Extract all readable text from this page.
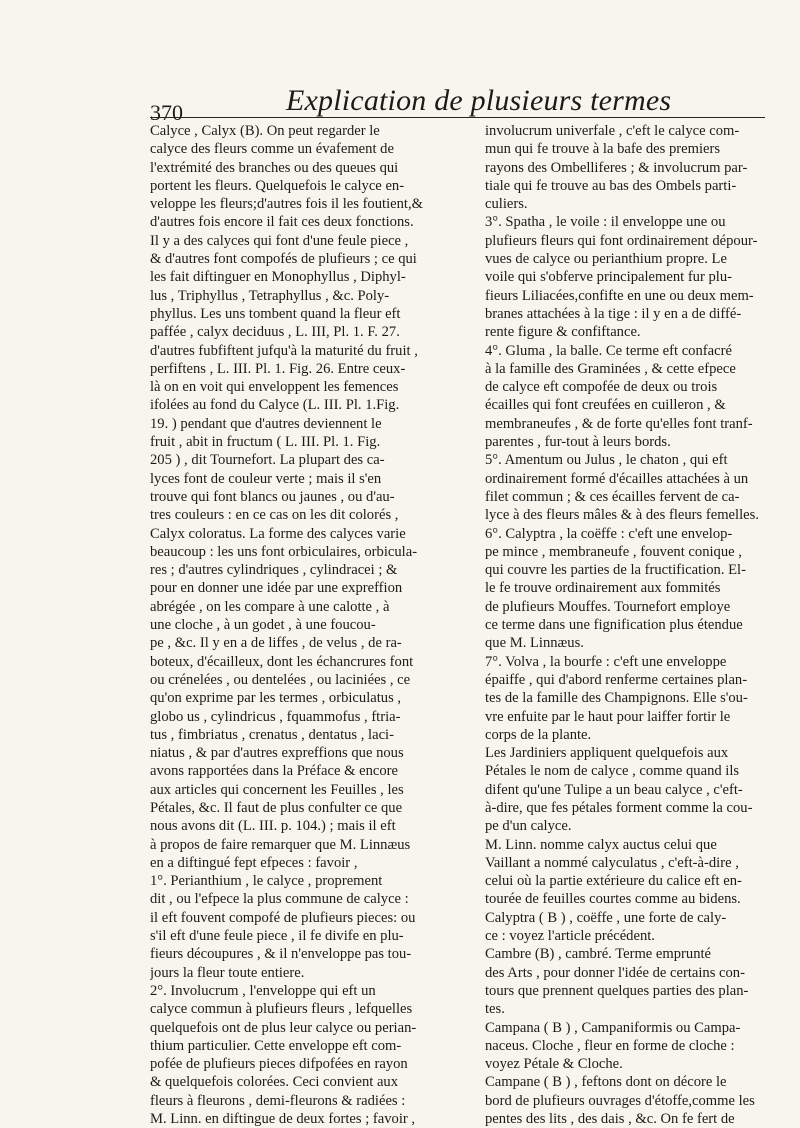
370	Explication de plusieurs termes
Calyce , Calyx (B). On peut regarder le
calyce des fleurs comme un évafement de
l'extrémité des branches ou des queues qui
portent les fleurs. Quelquefois le calyce en-
veloppe les fleurs;d'autres fois il les foutient,&
d'autres fois encore il fait ces deux fonctions.
Il y a des calyces qui font d'une feule piece ,
& d'autres font compofés de plufieurs ; ce qui
les fait diftinguer en Monophyllus , Diphyl-
lus , Triphyllus , Tetraphyllus , &c. Poly-
phyllus. Les uns tombent quand la fleur eft
paffée , calyx deciduus , L. III, Pl. 1. F. 27.
d'autres fubfiftent jufqu'à la maturité du fruit ,
perfiftens , L. III. Pl. 1. Fig. 26. Entre ceux-
là on en voit qui enveloppent les femences
ifolées au fond du Calyce (L. III. Pl. 1.Fig.
19. ) pendant que d'autres deviennent le
fruit , abit in fructum ( L. III. Pl. 1. Fig.
205 ) , dit Tournefort. La plupart des ca-
lyces font de couleur verte ; mais il s'en
trouve qui font blancs ou jaunes , ou d'au-
tres couleurs : en ce cas on les dit colorés ,
Calyx coloratus. La forme des calyces varie
beaucoup : les uns font orbiculaires, orbicula-
res ; d'autres cylindriques , cylindracei ; &
pour en donner une idée par une expreffion
abrégée , on les compare à une calotte , à
une cloche , à un godet , à une foucou-
pe , &c. Il y en a de liffes , de velus , de ra-
boteux, d'écailleux, dont les échancrures font
ou crénelées , ou dentelées , ou laciniées , ce
qu'on exprime par les termes , orbiculatus ,
globo us , cylindricus , fquammofus , ftria-
tus , fimbriatus , crenatus , dentatus , laci-
niatus , & par d'autres expreffions que nous
avons rapportées dans la Préface & encore
aux articles qui concernent les Feuilles , les
Pétales, &c. Il faut de plus confulter ce que
nous avons dit (L. III. p. 104.) ; mais il eft
à propos de faire remarquer que M. Linnæus
en a diftingué fept efpeces : favoir ,
1°. Perianthium , le calyce , proprement
dit , ou l'efpece la plus commune de calyce :
il eft fouvent compofé de plufieurs pieces: ou
s'il eft d'une feule piece , il fe divife en plu-
fieurs découpures , & il n'enveloppe pas tou-
jours la fleur toute entiere.
2°. Involucrum , l'enveloppe qui eft un
calyce commun à plufieurs fleurs , lefquelles
quelquefois ont de plus leur calyce ou perian-
thium particulier. Cette enveloppe eft com-
pofée de plufieurs pieces difpofées en rayon
& quelquefois colorées. Ceci convient aux
fleurs à fleurons , demi-fleurons & radiées :
M. Linn. en diftingue de deux fortes ; favoir ,
involucrum univerfale , c'eft le calyce com-
mun qui fe trouve à la bafe des premiers
rayons des Ombelliferes ; & involucrum par-
tiale qui fe trouve au bas des Ombels parti-
culiers.
3°. Spatha , le voile : il enveloppe une ou
plufieurs fleurs qui font ordinairement dépour-
vues de calyce ou perianthium propre. Le
voile qui s'obferve principalement fur plu-
fieurs Liliacées,confifte en une ou deux mem-
branes attachées à la tige : il y en a de diffé-
rente figure & confiftance.
4°. Gluma , la balle. Ce terme eft confacré
à la famille des Graminées , & cette efpece
de calyce eft compofée de deux ou trois
écailles qui font creufées en cuilleron , &
membraneufes , & de forte qu'elles font tranf-
parentes , fur-tout à leurs bords.
5°. Amentum ou Julus , le chaton , qui eft
ordinairement formé d'écailles attachées à un
filet commun ; & ces écailles fervent de ca-
lyce à des fleurs mâles & à des fleurs femelles.
6°. Calyptra , la coëffe : c'eft une envelop-
pe mince , membraneufe , fouvent conique ,
qui couvre les parties de la fructification. El-
le fe trouve ordinairement aux fommités
de plufieurs Mouffes. Tournefort employe
ce terme dans une fignification plus étendue
que M. Linnæus.
7°. Volva , la bourfe : c'eft une enveloppe
épaiffe , qui d'abord renferme certaines plan-
tes de la famille des Champignons. Elle s'ou-
vre enfuite par le haut pour laiffer fortir le
corps de la plante.
Les Jardiniers appliquent quelquefois aux
Pétales le nom de calyce , comme quand ils
difent qu'une Tulipe a un beau calyce , c'eft-
à-dire, que fes pétales forment comme la cou-
pe d'un calyce.
M. Linn. nomme calyx auctus celui que
Vaillant a nommé calyculatus , c'eft-à-dire ,
celui où la partie extérieure du calice eft en-
tourée de feuilles courtes comme au bidens.
Calyptra ( B ) , coëffe , une forte de caly-
ce : voyez l'article précédent.
Cambre (B) , cambré. Terme emprunté
des Arts , pour donner l'idée de certains con-
tours que prennent quelques parties des plan-
tes.
Campana ( B ) , Campaniformis ou Campa-
naceus. Cloche , fleur en forme de cloche :
voyez Pétale & Cloche.
Campane ( B ) , feftons dont on décore le
bord de plufieurs ouvrages d'étoffe,comme les
pentes des lits , des dais , &c. On fe fert de
